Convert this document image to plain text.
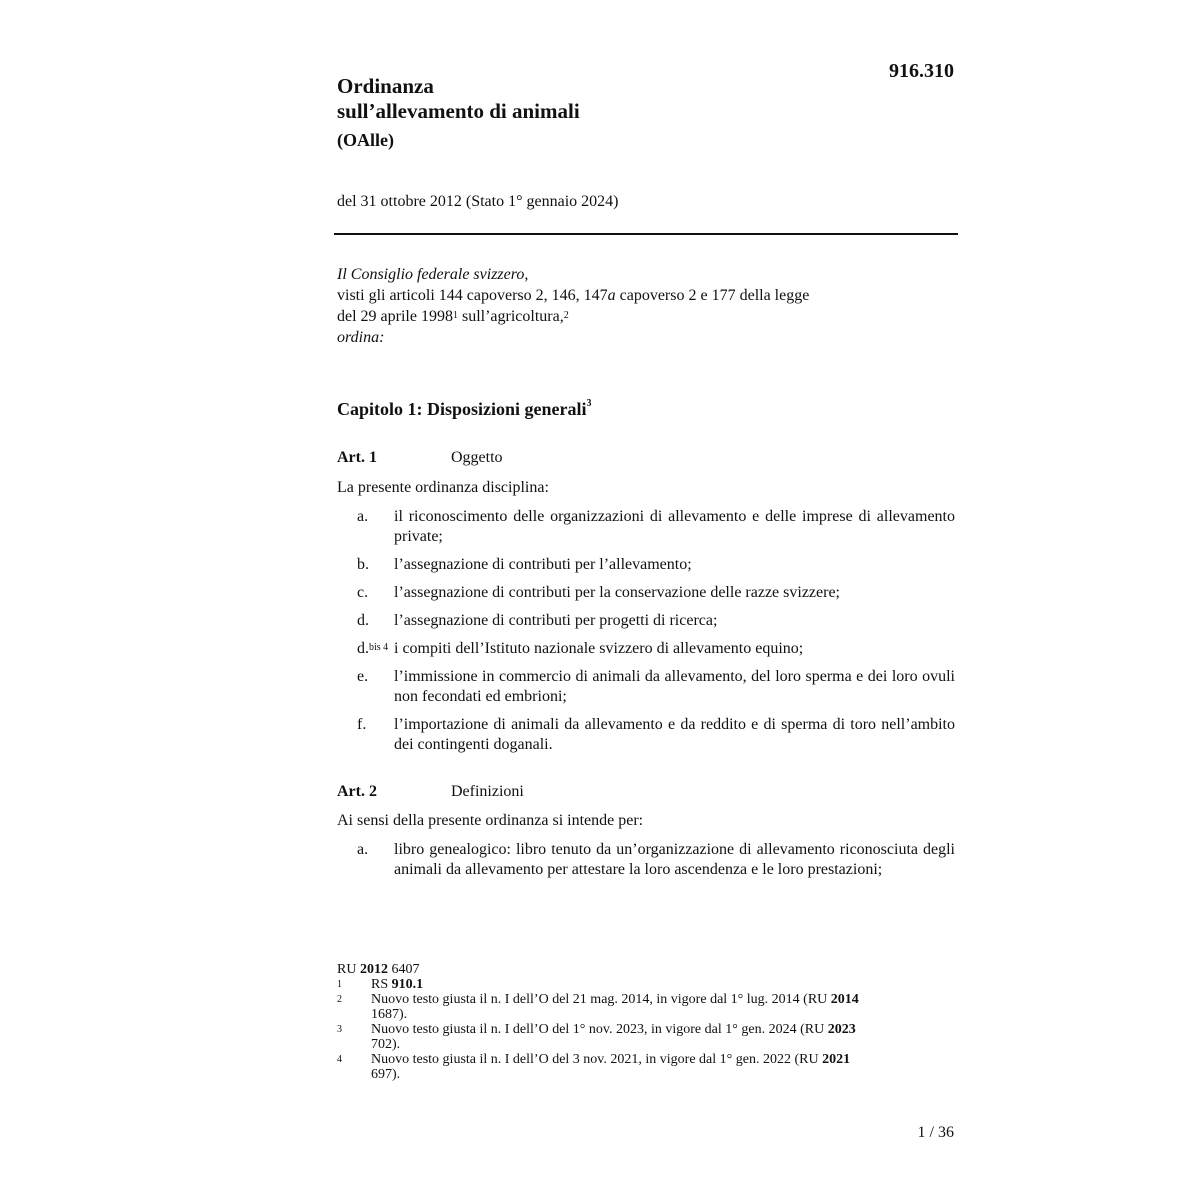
916.310
Ordinanza
sull’allevamento di animali
(OAlle)
del 31 ottobre 2012 (Stato 1° gennaio 2024)
Il Consiglio federale svizzero,
visti gli articoli 144 capoverso 2, 146, 147a capoverso 2 e 177 della legge
del 29 aprile 1998$^1$ sull’agricoltura,$^2$
ordina:
Capitolo 1: Disposizioni generali$^3$
Art. 1	Oggetto
La presente ordinanza disciplina:
a.	il riconoscimento delle organizzazioni di allevamento e delle imprese di allevamento private;
b.	l’assegnazione di contributi per l’allevamento;
c.	l’assegnazione di contributi per la conservazione delle razze svizzere;
d.	l’assegnazione di contributi per progetti di ricerca;
d.$^{bis 4}$ i compiti dell’Istituto nazionale svizzero di allevamento equino;
e.	l’immissione in commercio di animali da allevamento, del loro sperma e dei loro ovuli non fecondati ed embrioni;
f.	l’importazione di animali da allevamento e da reddito e di sperma di toro nell’ambito dei contingenti doganali.
Art. 2	Definizioni
Ai sensi della presente ordinanza si intende per:
a.	libro genealogico: libro tenuto da un’organizzazione di allevamento riconosciuta degli animali da allevamento per attestare la loro ascendenza e le loro prestazioni;
RU 2012 6407
1	RS 910.1
2	Nuovo testo giusta il n. I dell’O del 21 mag. 2014, in vigore dal 1° lug. 2014 (RU 2014 1687).
3	Nuovo testo giusta il n. I dell’O del 1° nov. 2023, in vigore dal 1° gen. 2024 (RU 2023 702).
4	Nuovo testo giusta il n. I dell’O del 3 nov. 2021, in vigore dal 1° gen. 2022 (RU 2021 697).
1 / 36
